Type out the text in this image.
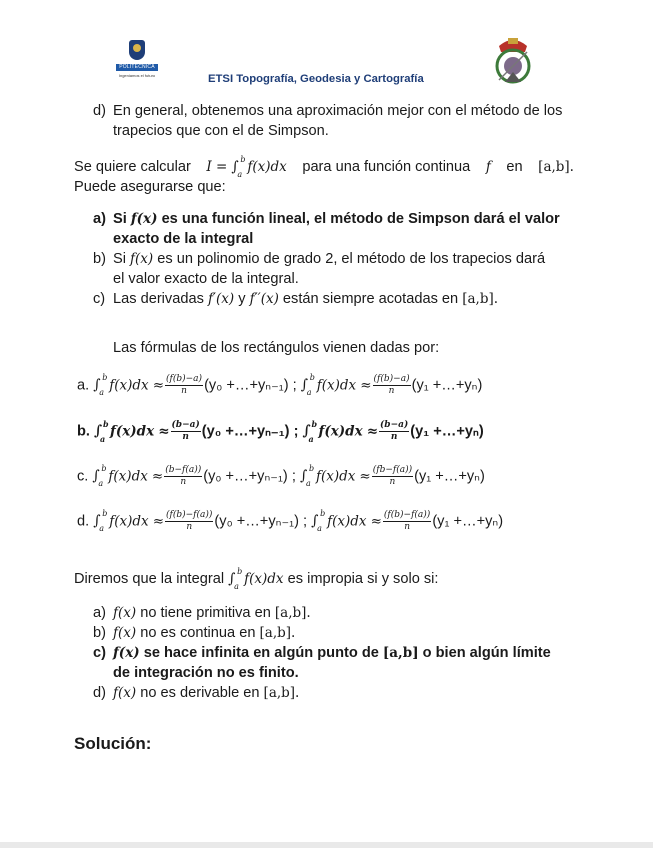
POLITÉCNICA
Ingeniamos el futuro	ETSI Topografía, Geodesia y Cartografía
d) En general, obtenemos una aproximación mejor con el método de los
trapecios que con el de Simpson.
Se quiere calcular I = ∫ b
a f(x)dx para una función continua f en [a,b].
Puede asegurarse que:
a) Si f(x) es una función lineal, el método de Simpson dará el valor
exacto de la integral
b) Si f(x) es un polinomio de grado 2, el método de los trapecios dará
el valor exacto de la integral.
c) Las derivadas f′(x) y f′′(x) están siempre acotadas en [a,b].
Las fórmulas de los rectángulos vienen dadas por:
a. ∫ b
a $f(x)dx \approx \frac{(f(b)-a)}{n} (y_0$ +…+yₙ₋₁) ; ∫ b
a $f(x)dx \approx \frac{(f(b)-a)}{n} (y_1$ +…+yₙ)
b. ∫ b
a $f(x)dx \approx \frac{(b-a)}{n} (y_0$ +…+yₙ₋₁) ; ∫ b
a $f(x)dx \approx \frac{(b-a)}{n} (y_1$ +…+yₙ)
c. ∫ b
a $f(x)dx \approx \frac{(b-f(a))}{n} (y_0$ +…+yₙ₋₁) ; ∫ b
a $f(x)dx \approx \frac{(fb-f(a))}{n} (y_1$ +…+yₙ)
d. ∫ b
a $f(x)dx \approx \frac{(f(b)-f(a))}{n} (y_0$ +…+yₙ₋₁) ; ∫ b
a $f(x)dx \approx \frac{(f(b)-f(a))}{n} (y_1$ +…+yₙ)
Diremos que la integral ∫ b
a f(x)dx es impropia si y solo si:
a) f(x) no tiene primitiva en [a,b].
b) f(x) no es continua en [a,b].
c) f(x) se hace infinita en algún punto de [a,b] o bien algún límite
de integración no es finito.
d) f(x) no es derivable en [a,b].
Solución:
